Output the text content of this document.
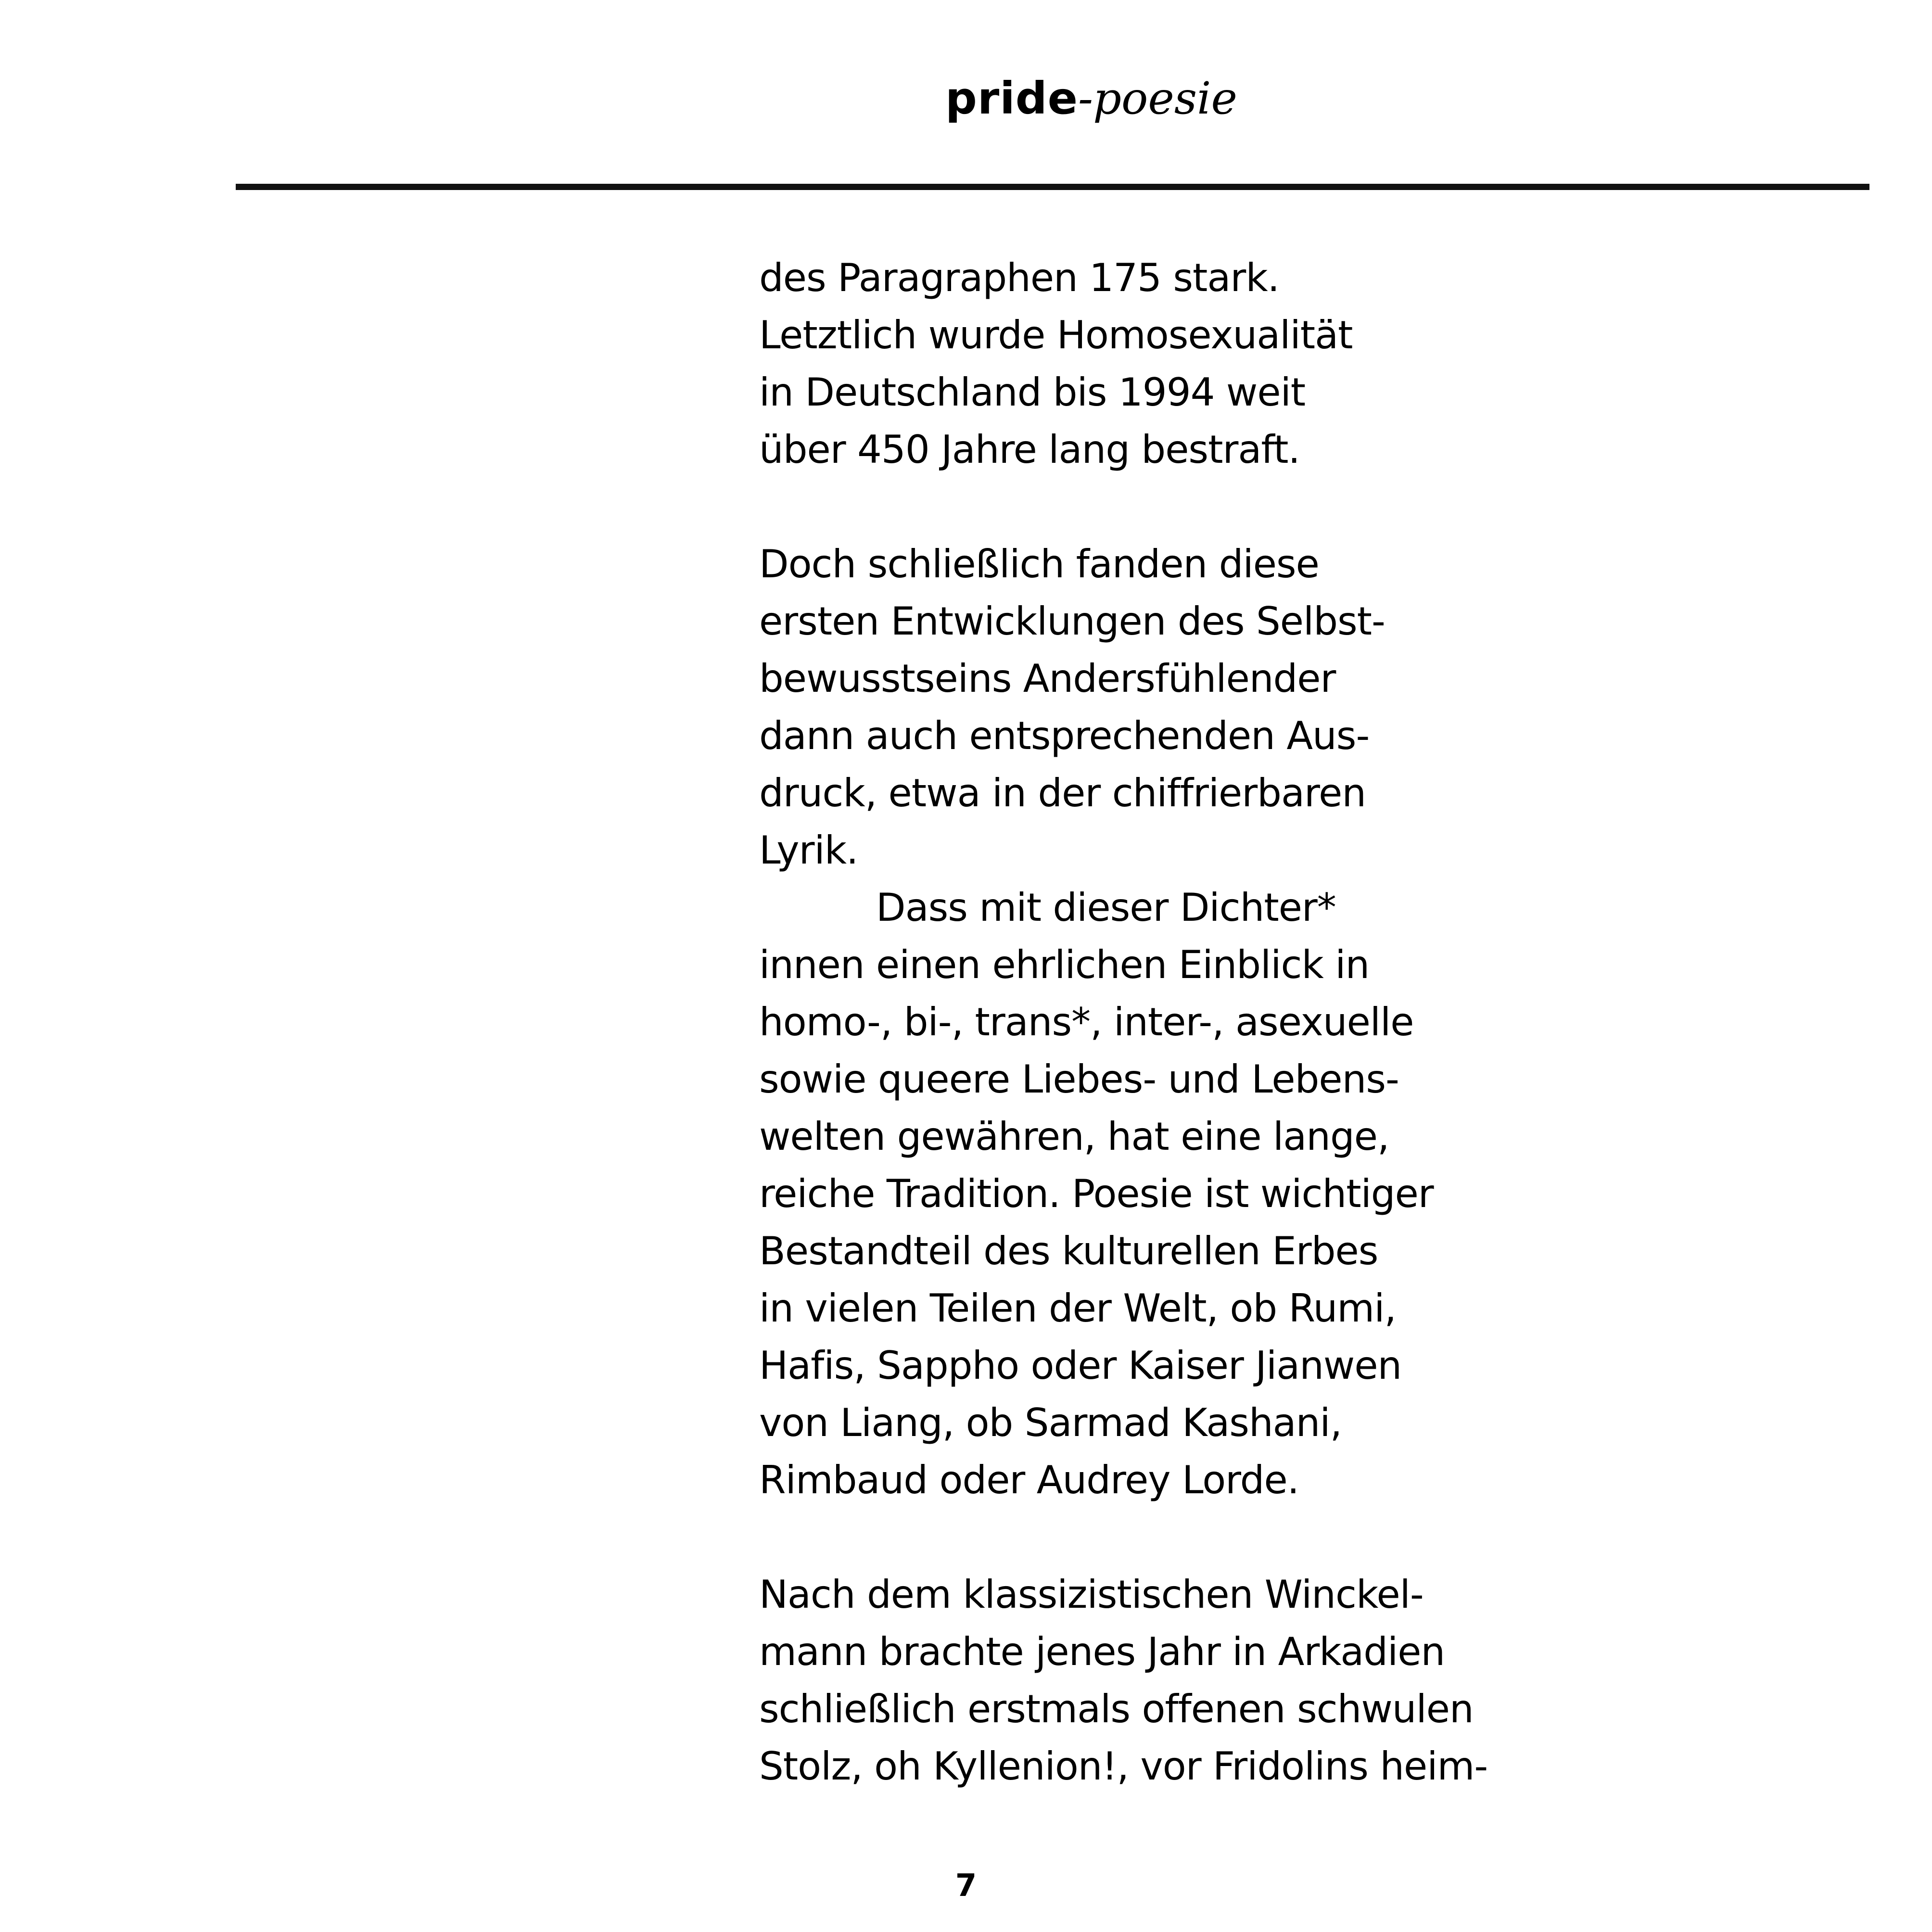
pride-poesie
des Paragraphen 175 stark.
Letztlich wurde Homosexualität
in Deutschland bis 1994 weit
über 450 Jahre lang bestraft.
Doch schließlich fanden diese
ersten Entwicklungen des Selbst-
bewusstseins Andersfühlender
dann auch entsprechenden Aus-
druck, etwa in der chiffrierbaren
Lyrik.
Dass mit dieser Dichter*
innen einen ehrlichen Einblick in
homo-, bi-, trans*, inter-, asexuelle
sowie queere Liebes- und Lebens-
welten gewähren, hat eine lange,
reiche Tradition. Poesie ist wichtiger
Bestandteil des kulturellen Erbes
in vielen Teilen der Welt, ob Rumi,
Hafis, Sappho oder Kaiser Jianwen
von Liang, ob Sarmad Kashani,
Rimbaud oder Audrey Lorde.
Nach dem klassizistischen Winckel-
mann brachte jenes Jahr in Arkadien
schließlich erstmals offenen schwulen
Stolz, oh Kyllenion!, vor Fridolins heim-
7
